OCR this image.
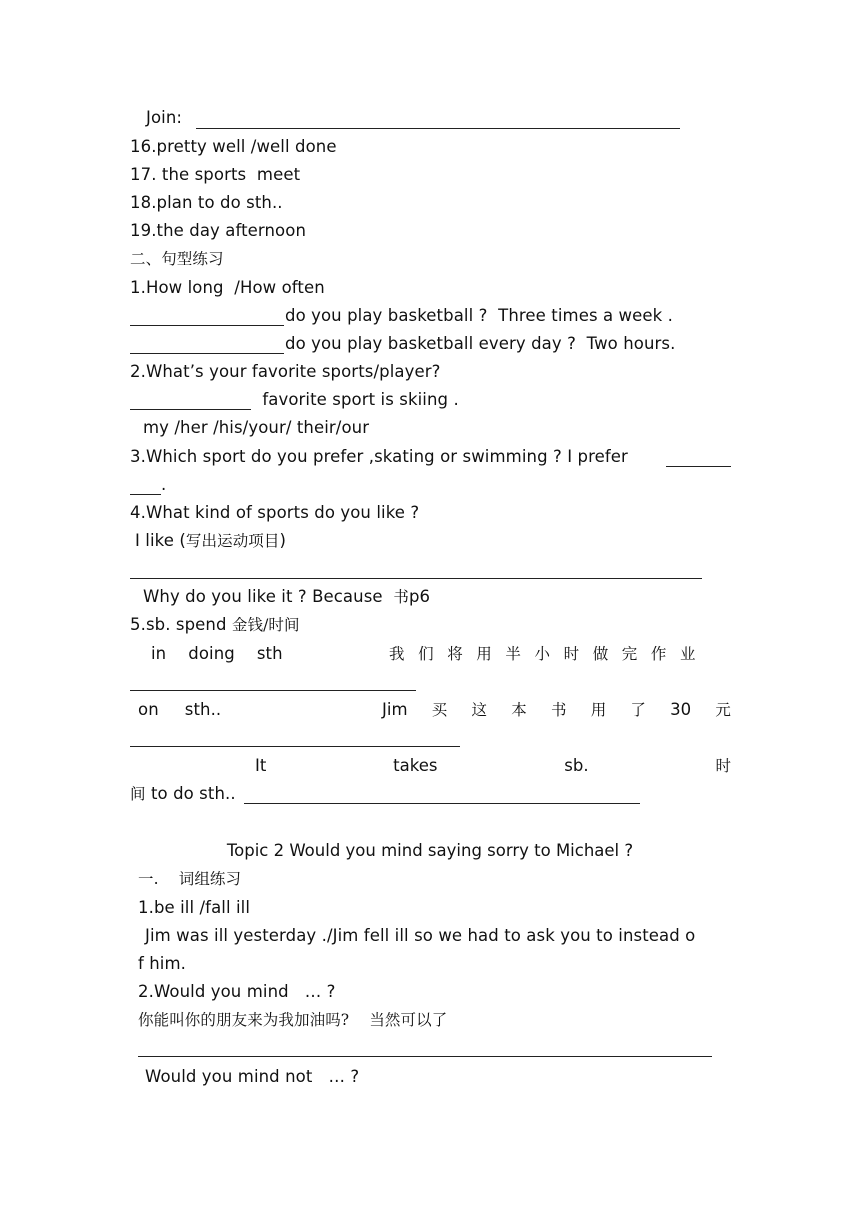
Join:
16.pretty well /well done
17. the sports  meet
18.plan to do sth..
19.the day afternoon
二、句型练习
1.How long  /How often
do you play basketball ?  Three times a week .
do you play basketball every day ?  Two hours.
2.What’s your favorite sports/player?
favorite sport is skiing .
my /her /his/your/ their/our
3.Which sport do you prefer ,skating or swimming ? I prefer
.
4.What kind of sports do you like ?
I like (写出运动项目)
Why do you like it ? Because  书p6
5.sb. spend 金钱/时间
in doing sth	我们将用半小时做完作业
on sth..	Jim 买 这 本 书 用 了 30 元
It	takes	sb.	时
间 to do sth..
Topic 2 Would you mind saying sorry to Michael ?
一.    词组练习
1.be ill /fall ill
Jim was ill yesterday ./Jim fell ill so we had to ask you to instead o
f him.
2.Would you mind   … ?
你能叫你的朋友来为我加油吗?    当然可以了
Would you mind not   … ?
